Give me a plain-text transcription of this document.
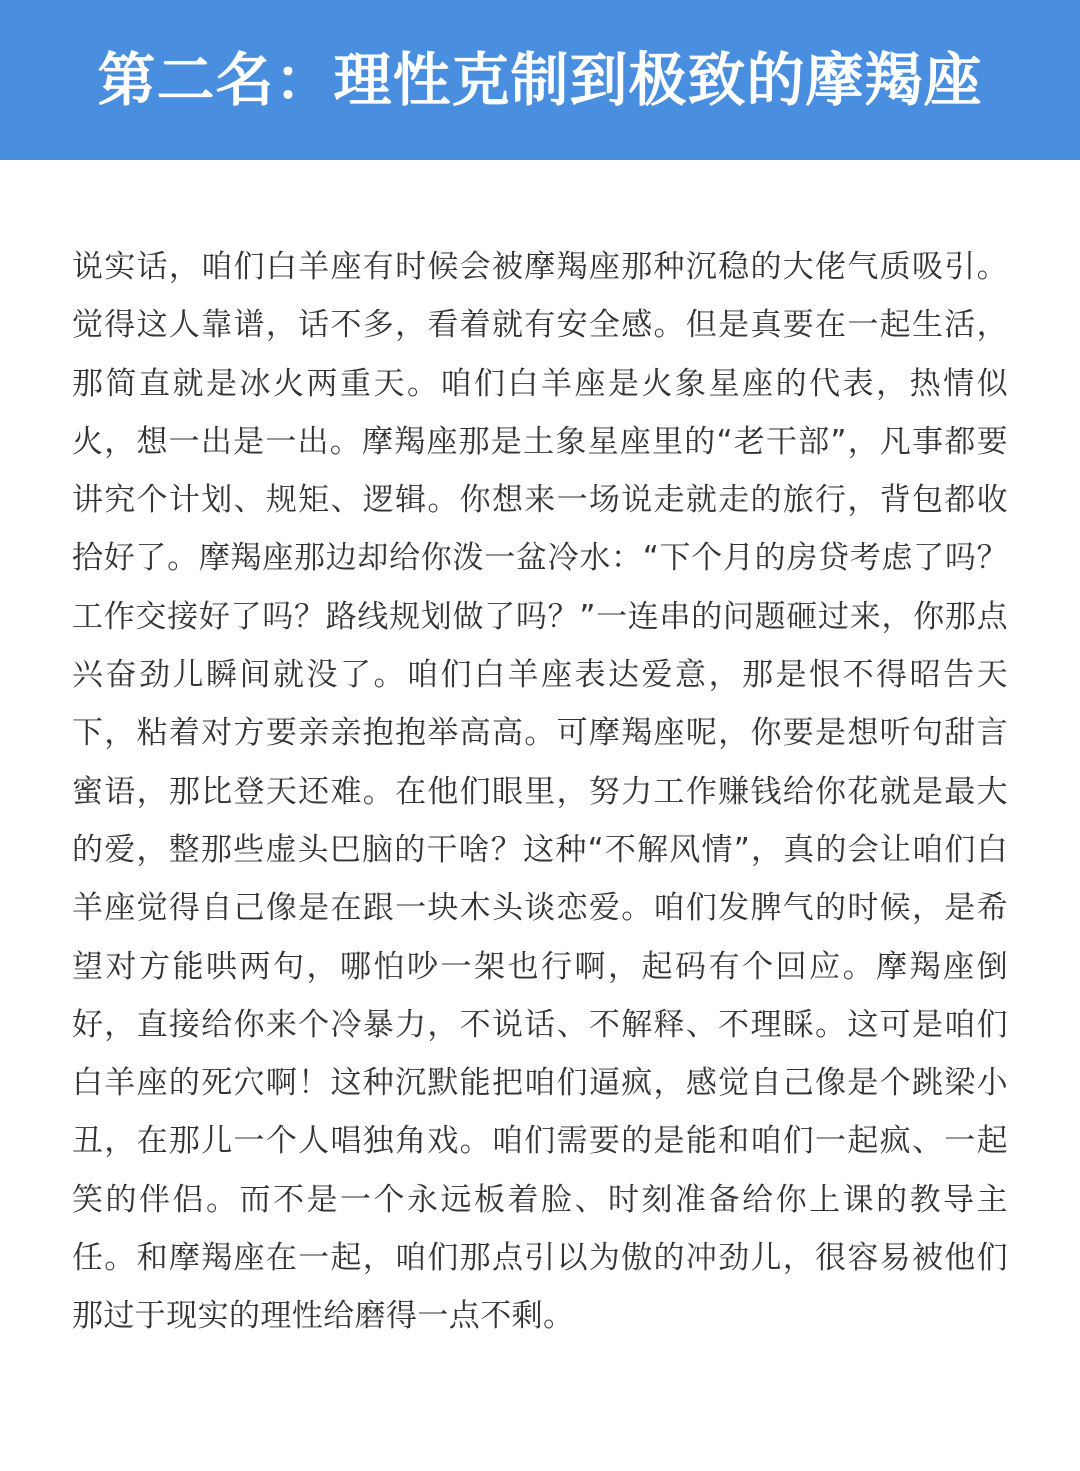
第二名：理性克制到极致的摩羯座

说实话，咱们白羊座有时候会被摩羯座那种沉稳的大佬气质吸引。觉得这人靠谱，话不多，看着就有安全感。但是真要在一起生活，那简直就是冰火两重天。咱们白羊座是火象星座的代表，热情似火，想一出是一出。摩羯座那是土象星座里的“老干部”，凡事都要讲究个计划、规矩、逻辑。你想来一场说走就走的旅行，背包都收拾好了。摩羯座那边却给你泼一盆冷水：“下个月的房贷考虑了吗？工作交接好了吗？路线规划做了吗？”一连串的问题砸过来，你那点兴奋劲儿瞬间就没了。咱们白羊座表达爱意，那是恨不得昭告天下，粘着对方要亲亲抱抱举高高。可摩羯座呢，你要是想听句甜言蜜语，那比登天还难。在他们眼里，努力工作赚钱给你花就是最大的爱，整那些虚头巴脑的干啥？这种“不解风情”，真的会让咱们白羊座觉得自己像是在跟一块木头谈恋爱。咱们发脾气的时候，是希望对方能哄两句，哪怕吵一架也行啊，起码有个回应。摩羯座倒好，直接给你来个冷暴力，不说话、不解释、不理睬。这可是咱们白羊座的死穴啊！这种沉默能把咱们逼疯，感觉自己像是个跳梁小丑，在那儿一个人唱独角戏。咱们需要的是能和咱们一起疯、一起笑的伴侣。而不是一个永远板着脸、时刻准备给你上课的教导主任。和摩羯座在一起，咱们那点引以为傲的冲劲儿，很容易被他们那过于现实的理性给磨得一点不剩。
